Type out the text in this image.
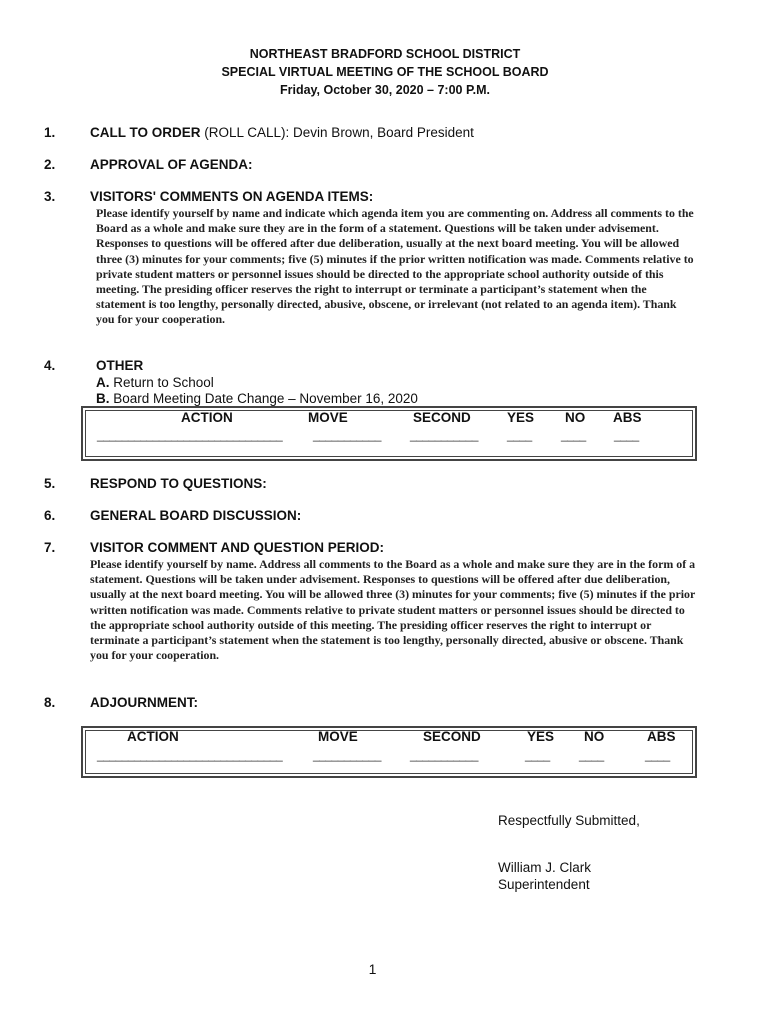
NORTHEAST BRADFORD SCHOOL DISTRICT
SPECIAL VIRTUAL MEETING OF THE SCHOOL BOARD
Friday, October 30, 2020 – 7:00 P.M.
1.	CALL TO ORDER (ROLL CALL): Devin Brown, Board President
2.	APPROVAL OF AGENDA:
3.	VISITORS' COMMENTS ON AGENDA ITEMS:
Please identify yourself by name and indicate which agenda item you are commenting on. Address all comments to the Board as a whole and make sure they are in the form of a statement. Questions will be taken under advisement. Responses to questions will be offered after due deliberation, usually at the next board meeting. You will be allowed three (3) minutes for your comments; five (5) minutes if the prior written notification was made. Comments relative to private student matters or personnel issues should be directed to the appropriate school authority outside of this meeting. The presiding officer reserves the right to interrupt or terminate a participant’s statement when the statement is too lengthy, personally directed, abusive, obscene, or irrelevant (not related to an agenda item). Thank you for your cooperation.
4.	OTHER
A. Return to School
B. Board Meeting Date Change – November 16, 2020
ACTION	MOVE	SECOND	YES NO ABS
______________________________	___________ ___________ ____ ____ ____
5.	RESPOND TO QUESTIONS:
6.	GENERAL BOARD DISCUSSION:
7.	VISITOR COMMENT AND QUESTION PERIOD:
Please identify yourself by name. Address all comments to the Board as a whole and make sure they are in the form of a statement. Questions will be taken under advisement. Responses to questions will be offered after due deliberation, usually at the next board meeting. You will be allowed three (3) minutes for your comments; five (5) minutes if the prior written notification was made. Comments relative to private student matters or personnel issues should be directed to the appropriate school authority outside of this meeting. The presiding officer reserves the right to interrupt or terminate a participant’s statement when the statement is too lengthy, personally directed, abusive or obscene. Thank you for your cooperation.
8.	ADJOURNMENT:
ACTION	MOVE	SECOND	YES NO	ABS
______________________________	___________ ___________	____ ____	____
Respectfully Submitted,
William J. Clark
Superintendent
1
